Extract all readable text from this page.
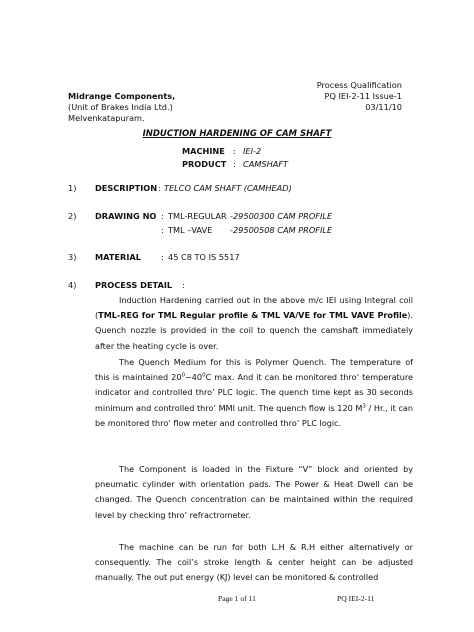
Process Qualification
PQ IEI-2-11 Issue-1
03/11/10
Midrange Components,
(Unit of Brakes India Ltd.)
Melvenkatapuram.
INDUCTION HARDENING OF CAM SHAFT
MACHINE : IEI-2
PRODUCT : CAMSHAFT
1) DESCRIPTION : TELCO CAM SHAFT (CAMHEAD)
2) DRAWING NO : TML-REGULAR -29500300 CAM PROFILE
: TML –VAVE -29500508 CAM PROFILE
3) MATERIAL : 45 C8 TO IS 5517
4) PROCESS DETAIL :
Induction Hardening carried out in the above m/c IEI using Integral coil (TML-REG for TML Regular profile & TML VA/VE for TML VAVE Profile). Quench nozzle is provided in the coil to quench the camshaft immediately after the heating cycle is over.
The Quench Medium for this is Polymer Quench. The temperature of this is maintained $20^0-40^0C$ max. And it can be monitored thro’ temperature indicator and controlled thro’ PLC logic. The quench time kept as 30 seconds minimum and controlled thro’ MMI unit. The quench flow is 120 $M^3$ / Hr., it can be monitored thro’ flow meter and controlled thro’ PLC logic.
The Component is loaded in the Fixture “V” block and oriented by pneumatic cylinder with orientation pads. The Power & Heat Dwell can be changed. The Quench concentration can be maintained within the required level by checking thro’ refractrometer.
The machine can be run for both L.H & R.H either alternatively or consequently. The coil’s stroke length & center height can be adjusted manually. The out put energy (KJ) level can be monitored & controlled
Page 1 of 11	PQ IEI-2-11
